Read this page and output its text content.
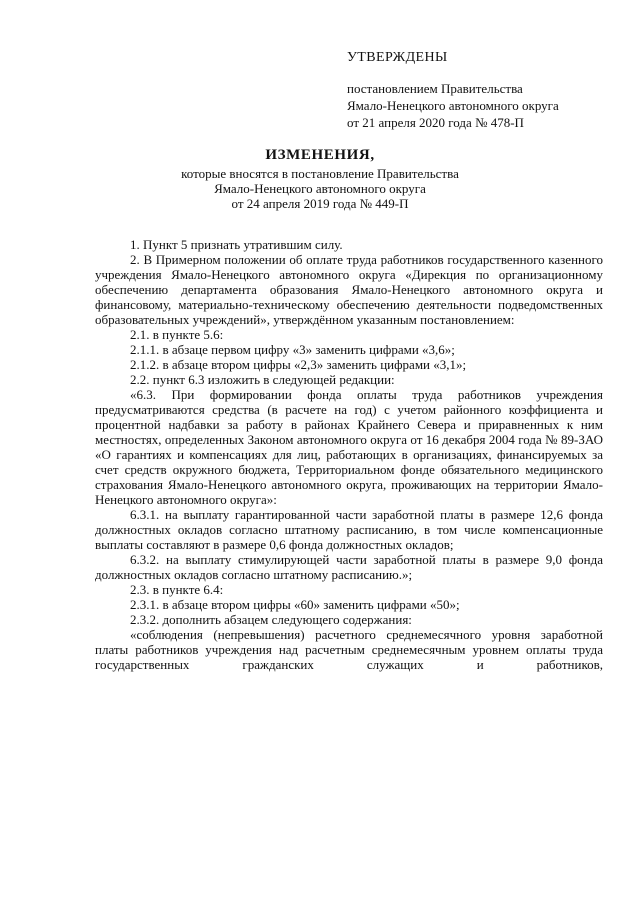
УТВЕРЖДЕНЫ
постановлением Правительства
Ямало-Ненецкого автономного округа
от 21 апреля 2020 года № 478-П
ИЗМЕНЕНИЯ,
которые вносятся в постановление Правительства
Ямало-Ненецкого автономного округа
от 24 апреля 2019 года № 449-П

1. Пункт 5 признать утратившим силу.

2. В Примерном положении об оплате труда работников государственного казенного учреждения Ямало-Ненецкого автономного округа «Дирекция по организационному обеспечению департамента образования Ямало-Ненецкого автономного округа и финансовому, материально-техническому обеспечению деятельности подведомственных образовательных учреждений», утверждённом указанным постановлением:

2.1. в пункте 5.6:

2.1.1. в абзаце первом цифру «3» заменить цифрами «3,6»;

2.1.2. в абзаце втором цифры «2,3» заменить цифрами «3,1»;

2.2. пункт 6.3 изложить в следующей редакции:

«6.3. При формировании фонда оплаты труда работников учреждения предусматриваются средства (в расчете на год) с учетом районного коэффициента и процентной надбавки за работу в районах Крайнего Севера и приравненных к ним местностях, определенных Законом автономного округа от 16 декабря 2004 года № 89-ЗАО «О гарантиях и компенсациях для лиц, работающих в организациях, финансируемых за счет средств окружного бюджета, Территориальном фонде обязательного медицинского страхования Ямало-Ненецкого автономного округа, проживающих на территории Ямало-Ненецкого автономного округа»:

6.3.1. на выплату гарантированной части заработной платы в размере 12,6 фонда должностных окладов согласно штатному расписанию, в том числе компенсационные выплаты составляют в размере 0,6 фонда должностных окладов;

6.3.2. на выплату стимулирующей части заработной платы в размере 9,0 фонда должностных окладов согласно штатному расписанию.»;

2.3. в пункте 6.4:

2.3.1. в абзаце втором цифры «60» заменить цифрами «50»;

2.3.2. дополнить абзацем следующего содержания:

«соблюдения (непревышения) расчетного среднемесячного уровня заработной платы работников учреждения над расчетным среднемесячным уровнем оплаты труда государственных гражданских служащих и работников,
